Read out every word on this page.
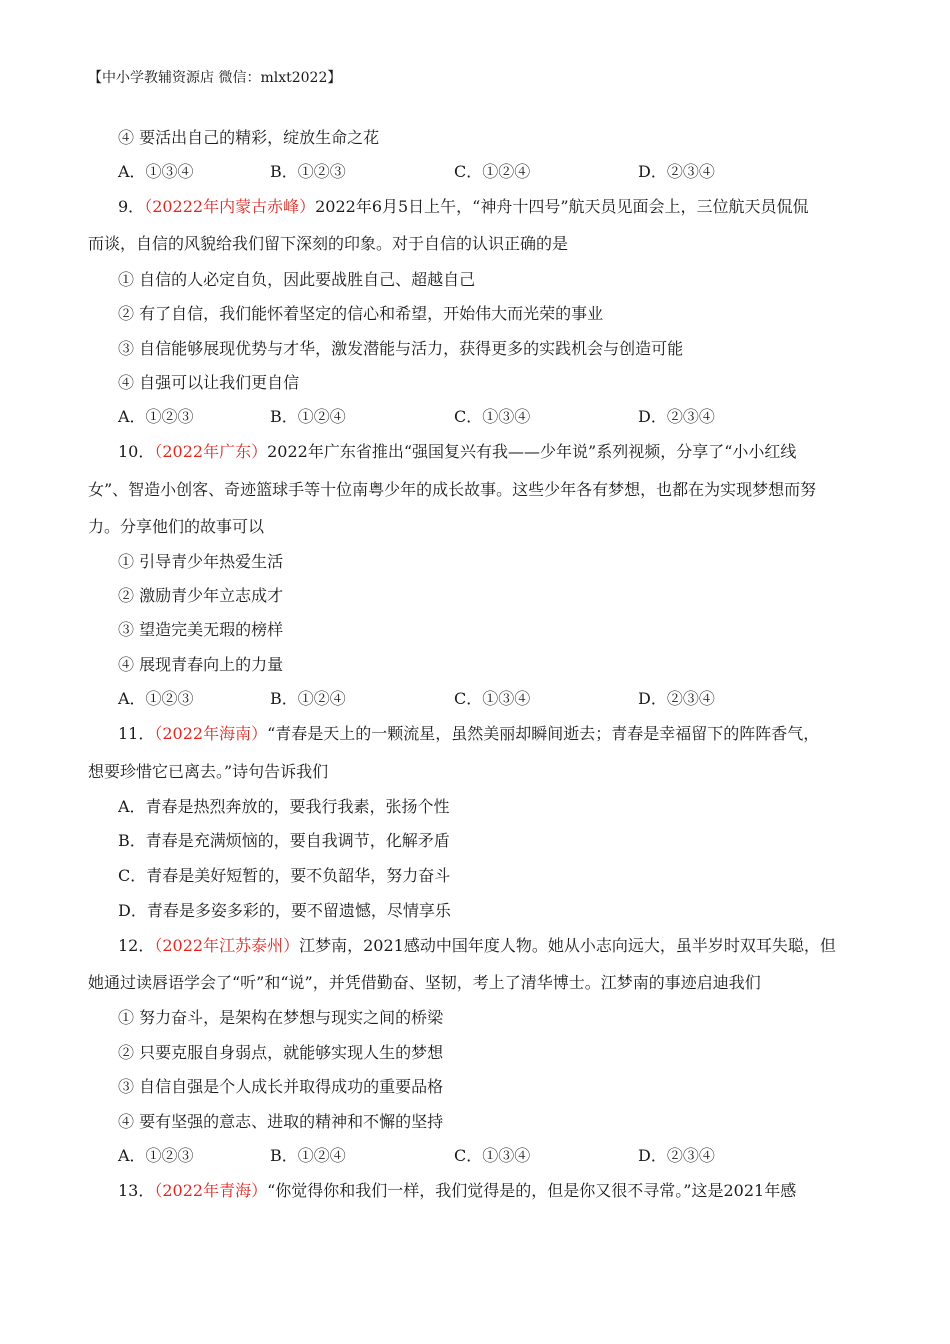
【中小学教辅资源店 微信：mlxt2022】
④ 要活出自己的精彩，绽放生命之花
A．①③④	B．①②③	C．①②④	D．②③④
9．（20222年内蒙古赤峰）2022年6月5日上午，“神舟十四号”航天员见面会上，三位航天员侃侃
而谈，自信的风貌给我们留下深刻的印象。对于自信的认识正确的是
① 自信的人必定自负，因此要战胜自己、超越自己
② 有了自信，我们能怀着坚定的信心和希望，开始伟大而光荣的事业
③ 自信能够展现优势与才华，激发潜能与活力，获得更多的实践机会与创造可能
④ 自强可以让我们更自信
A．①②③	B．①②④	C．①③④	D．②③④
10．（2022年广东）2022年广东省推出“强国复兴有我——少年说”系列视频，分享了“小小红线
女”、智造小创客、奇迹篮球手等十位南粤少年的成长故事。这些少年各有梦想，也都在为实现梦想而努
力。分享他们的故事可以
① 引导青少年热爱生活
② 激励青少年立志成才
③ 望造完美无瑕的榜样
④ 展现青春向上的力量
A．①②③	B．①②④	C．①③④	D．②③④
11．（2022年海南）“青春是天上的一颗流星，虽然美丽却瞬间逝去；青春是幸福留下的阵阵香气，
想要珍惜它已离去。”诗句告诉我们
A．青春是热烈奔放的，要我行我素，张扬个性
B．青春是充满烦恼的，要自我调节，化解矛盾
C．青春是美好短暂的，要不负韶华，努力奋斗
D．青春是多姿多彩的，要不留遗憾，尽情享乐
12．（2022年江苏泰州）江梦南，2021感动中国年度人物。她从小志向远大，虽半岁时双耳失聪，但
她通过读唇语学会了“听”和“说”，并凭借勤奋、坚韧，考上了清华博士。江梦南的事迹启迪我们
① 努力奋斗，是架构在梦想与现实之间的桥梁
② 只要克服自身弱点，就能够实现人生的梦想
③ 自信自强是个人成长并取得成功的重要品格
④ 要有坚强的意志、进取的精神和不懈的坚持
A．①②③	B．①②④	C．①③④	D．②③④
13．（2022年青海）“你觉得你和我们一样，我们觉得是的，但是你又很不寻常。”这是2021年感
